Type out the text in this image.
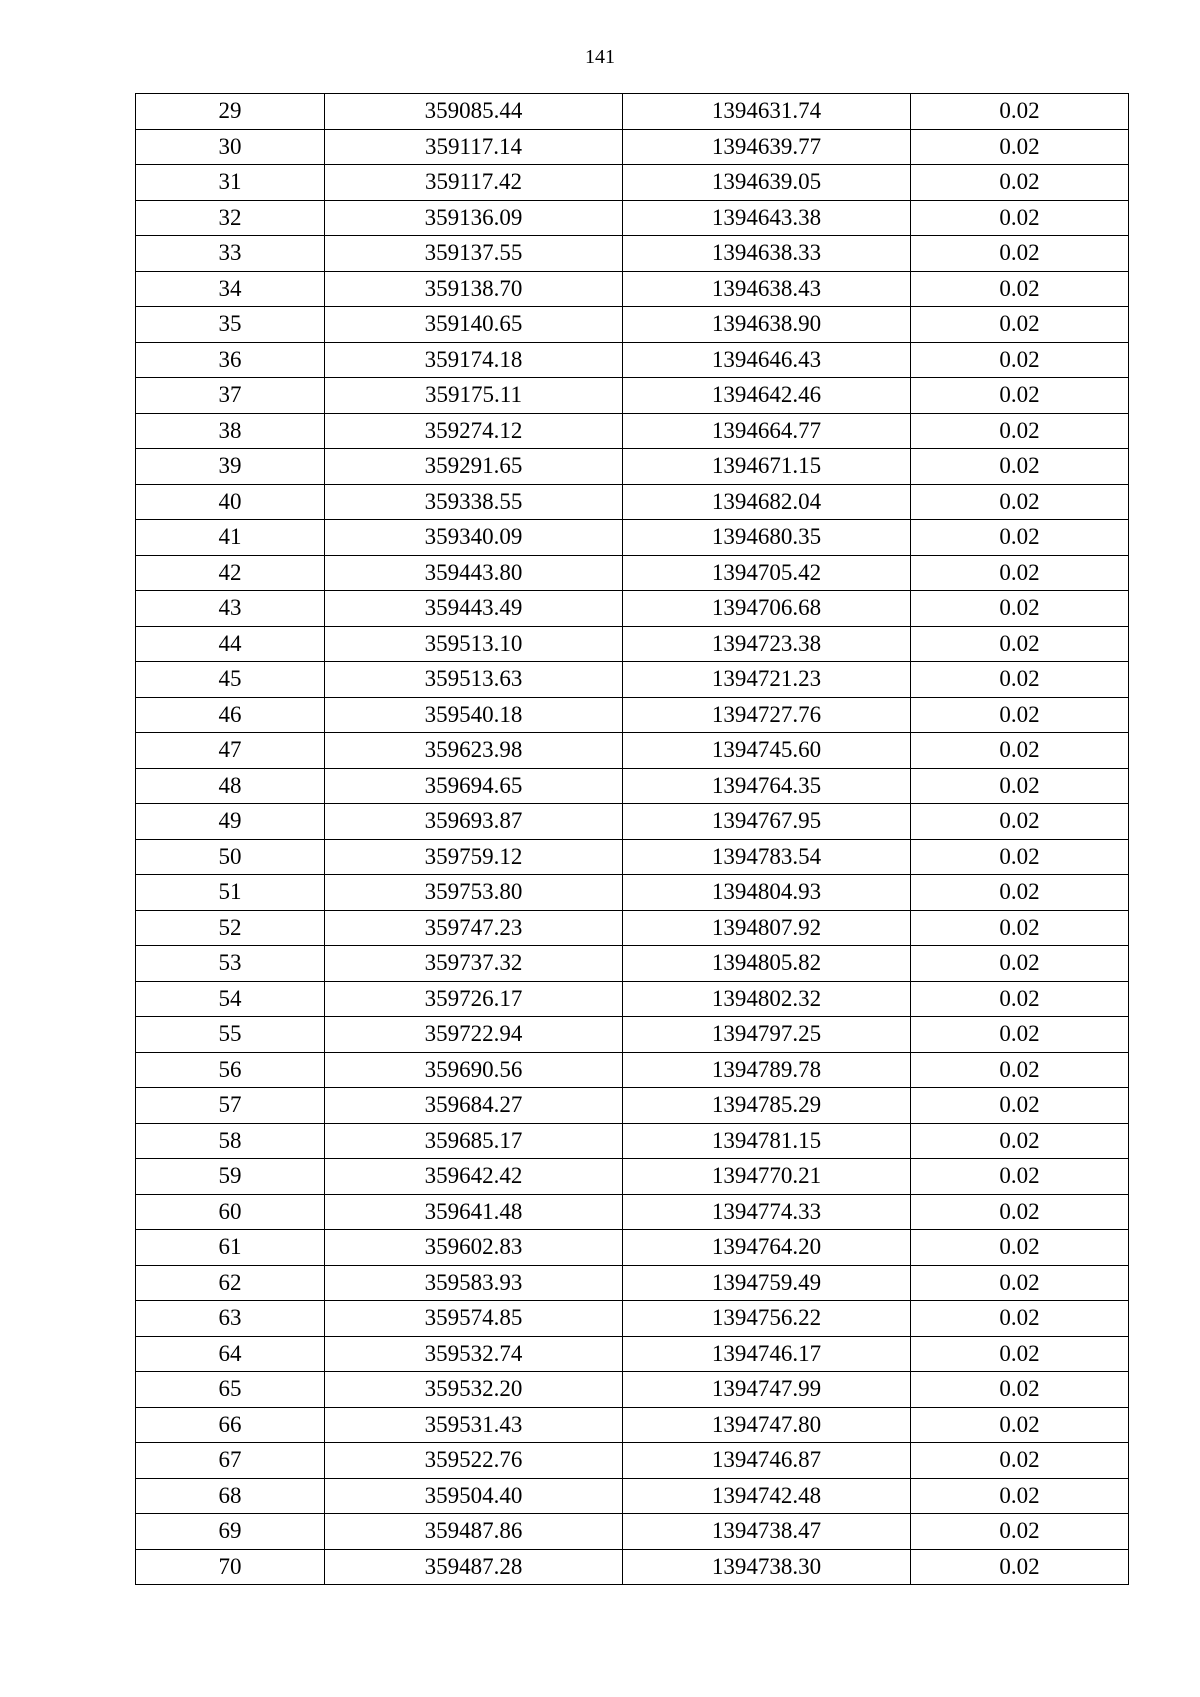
141
29	359085.44	1394631.74	0.02
30	359117.14	1394639.77	0.02
31	359117.42	1394639.05	0.02
32	359136.09	1394643.38	0.02
33	359137.55	1394638.33	0.02
34	359138.70	1394638.43	0.02
35	359140.65	1394638.90	0.02
36	359174.18	1394646.43	0.02
37	359175.11	1394642.46	0.02
38	359274.12	1394664.77	0.02
39	359291.65	1394671.15	0.02
40	359338.55	1394682.04	0.02
41	359340.09	1394680.35	0.02
42	359443.80	1394705.42	0.02
43	359443.49	1394706.68	0.02
44	359513.10	1394723.38	0.02
45	359513.63	1394721.23	0.02
46	359540.18	1394727.76	0.02
47	359623.98	1394745.60	0.02
48	359694.65	1394764.35	0.02
49	359693.87	1394767.95	0.02
50	359759.12	1394783.54	0.02
51	359753.80	1394804.93	0.02
52	359747.23	1394807.92	0.02
53	359737.32	1394805.82	0.02
54	359726.17	1394802.32	0.02
55	359722.94	1394797.25	0.02
56	359690.56	1394789.78	0.02
57	359684.27	1394785.29	0.02
58	359685.17	1394781.15	0.02
59	359642.42	1394770.21	0.02
60	359641.48	1394774.33	0.02
61	359602.83	1394764.20	0.02
62	359583.93	1394759.49	0.02
63	359574.85	1394756.22	0.02
64	359532.74	1394746.17	0.02
65	359532.20	1394747.99	0.02
66	359531.43	1394747.80	0.02
67	359522.76	1394746.87	0.02
68	359504.40	1394742.48	0.02
69	359487.86	1394738.47	0.02
70	359487.28	1394738.30	0.02
